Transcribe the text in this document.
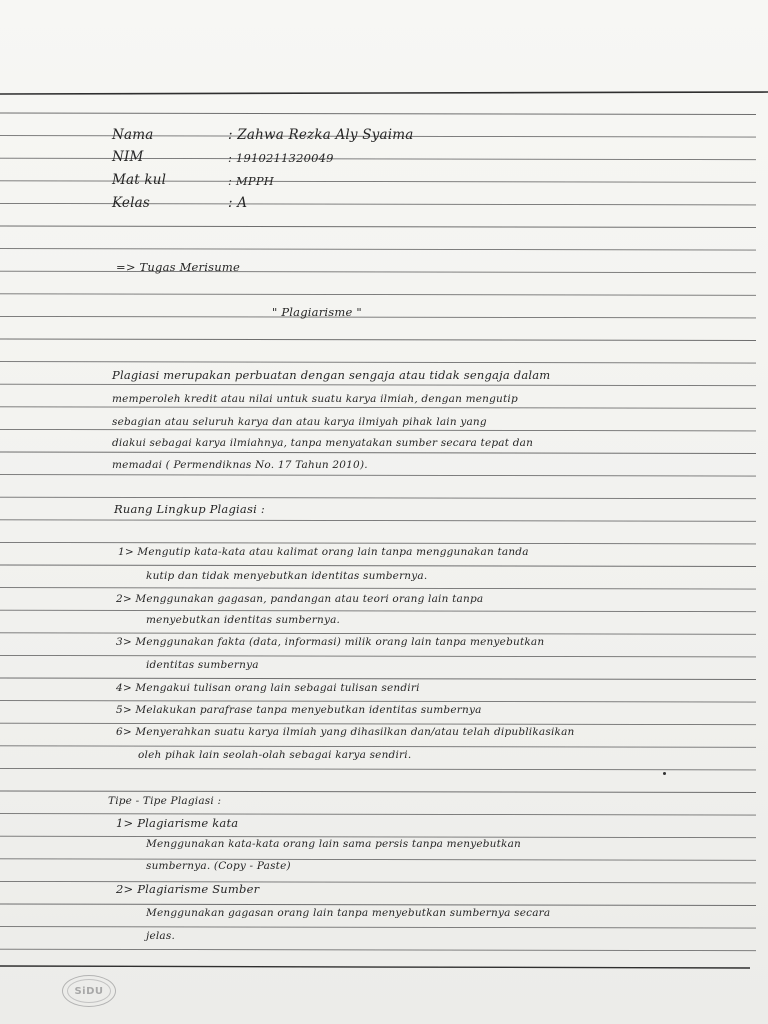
Nama	: Zahwa Rezka Aly Syaima
NIM	: 1910211320049
Mat kul	: MPPH
Kelas	: A
=> Tugas Merisume
" Plagiarisme "
Plagiasi merupakan perbuatan dengan sengaja atau tidak sengaja dalam
memperoleh kredit atau nilai untuk suatu karya ilmiah, dengan mengutip
sebagian atau seluruh karya dan atau karya ilmiyah pihak lain yang
diakui sebagai karya ilmiahnya, tanpa menyatakan sumber secara tepat dan
memadai ( Permendiknas No. 17 Tahun 2010).
Ruang Lingkup Plagiasi :
1> Mengutip kata-kata atau kalimat orang lain tanpa menggunakan tanda
kutip dan tidak menyebutkan identitas sumbernya.
2> Menggunakan gagasan, pandangan atau teori orang lain tanpa
menyebutkan identitas sumbernya.
3> Menggunakan fakta (data, informasi) milik orang lain tanpa menyebutkan
identitas sumbernya
4> Mengakui tulisan orang lain sebagai tulisan sendiri
5> Melakukan parafrase tanpa menyebutkan identitas sumbernya
6> Menyerahkan suatu karya ilmiah yang dihasilkan dan/atau telah dipublikasikan
oleh pihak lain seolah-olah sebagai karya sendiri.
Tipe - Tipe Plagiasi :
1> Plagiarisme kata
Menggunakan kata-kata orang lain sama persis tanpa menyebutkan
sumbernya. (Copy - Paste)
2> Plagiarisme Sumber
Menggunakan gagasan orang lain tanpa menyebutkan sumbernya secara
jelas.
SiDU
